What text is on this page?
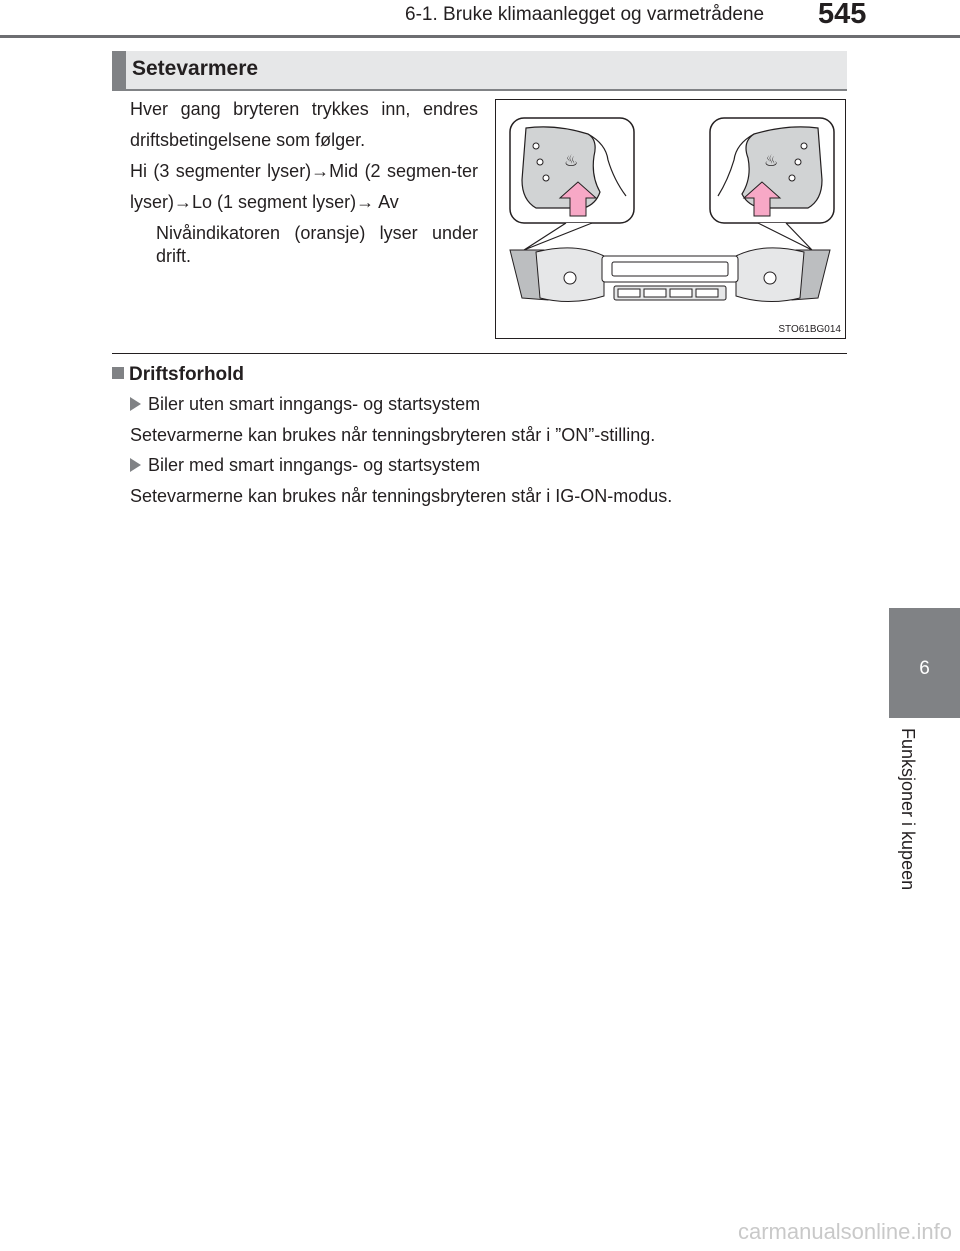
6-1. Bruke klimaanlegget og varmetrådene	545
6
Funksjoner i kupeen
Setevarmere

Hver gang bryteren trykkes inn, endres driftsbetingelsene som følger.

Hi (3 segmenter lyser)→Mid (2 segmen-ter lyser)→Lo (1 segment lyser)→ Av

Nivåindikatoren (oransje) lyser under drift.
♨	♨
STO61BG014
Driftsforhold
Biler uten smart inngangs- og startsystem
Setevarmerne kan brukes når tenningsbryteren står i ”ON”-stilling.
Biler med smart inngangs- og startsystem
Setevarmerne kan brukes når tenningsbryteren står i IG-ON-modus.
carmanualsonline.info
